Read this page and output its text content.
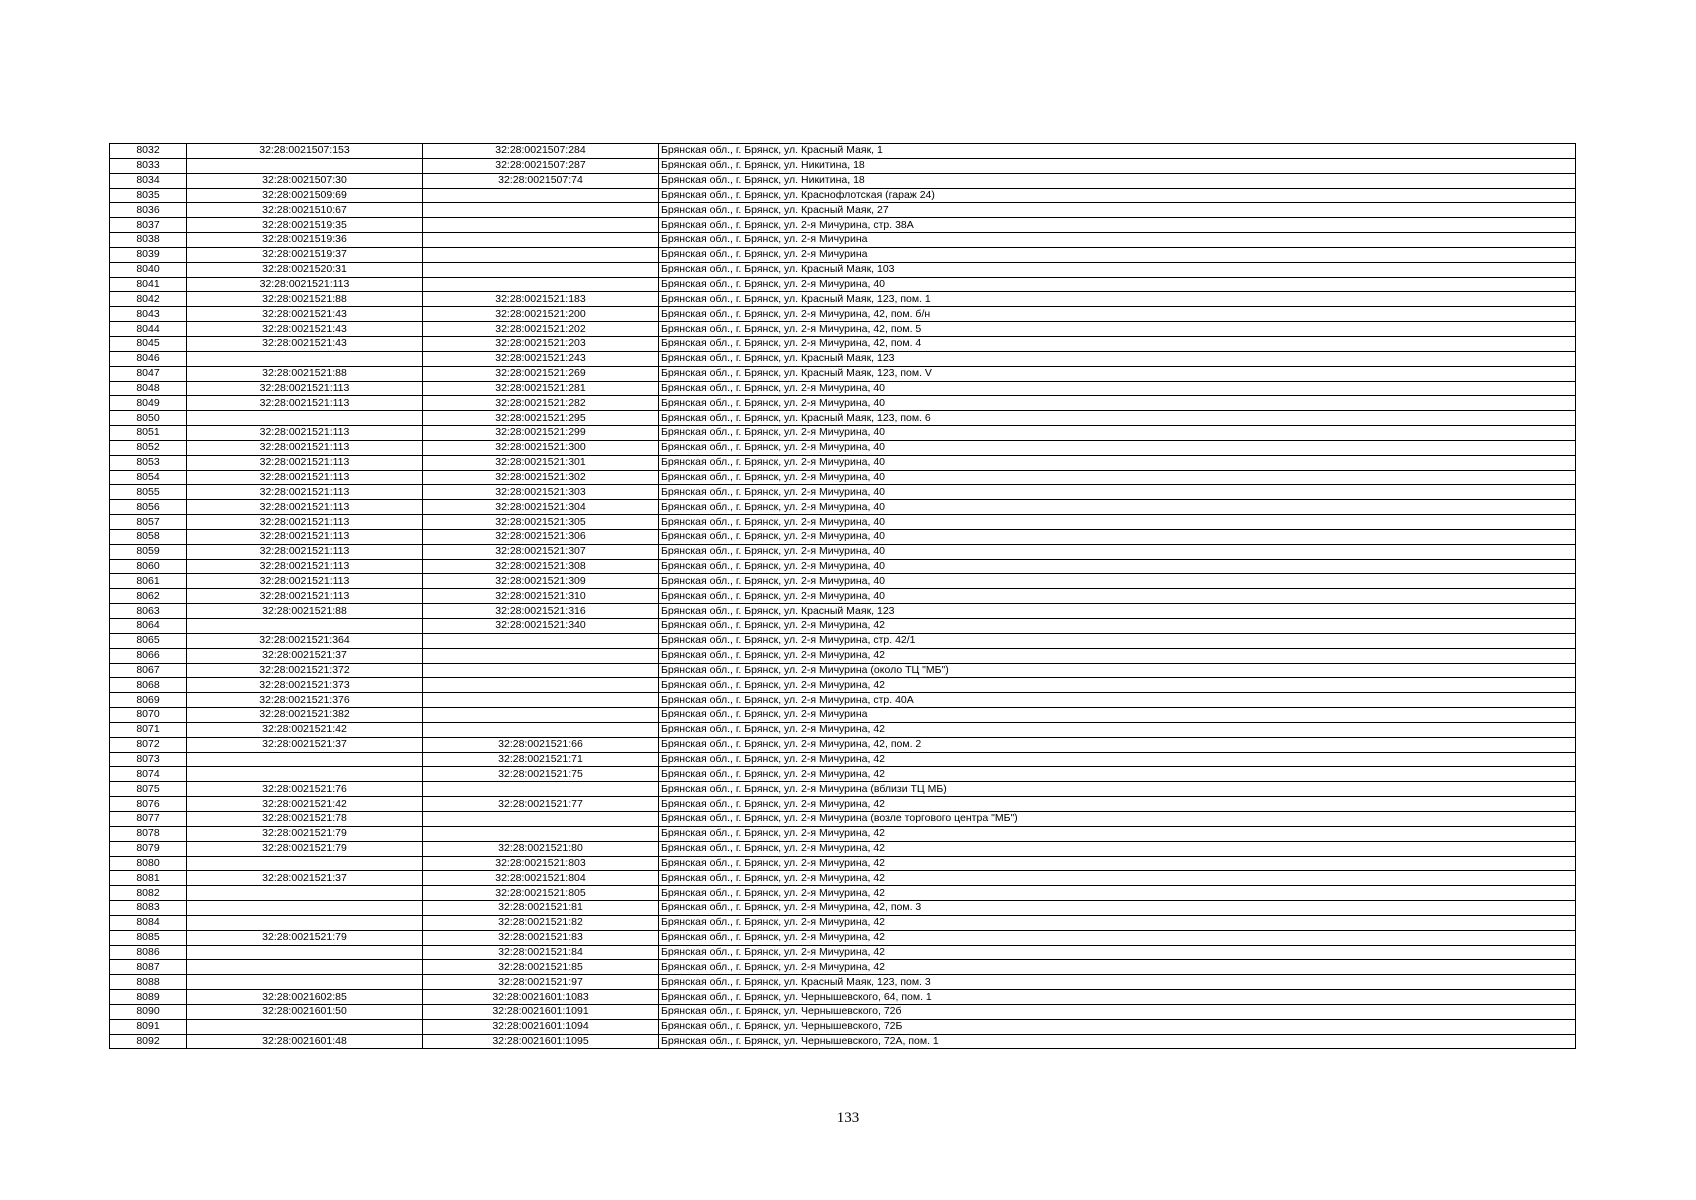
8032	32:28:0021507:153	32:28:0021507:284	Брянская обл., г. Брянск, ул. Красный Маяк, 1
8033		32:28:0021507:287	Брянская обл., г. Брянск, ул. Никитина, 18
8034	32:28:0021507:30	32:28:0021507:74	Брянская обл., г. Брянск, ул. Никитина, 18
8035	32:28:0021509:69		Брянская обл., г. Брянск, ул. Краснофлотская (гараж 24)
8036	32:28:0021510:67		Брянская обл., г. Брянск, ул. Красный Маяк, 27
8037	32:28:0021519:35		Брянская обл., г. Брянск, ул. 2-я Мичурина, стр. 38А
8038	32:28:0021519:36		Брянская обл., г. Брянск, ул. 2-я Мичурина
8039	32:28:0021519:37		Брянская обл., г. Брянск, ул. 2-я Мичурина
8040	32:28:0021520:31		Брянская обл., г. Брянск, ул. Красный Маяк, 103
8041	32:28:0021521:113		Брянская обл., г. Брянск, ул. 2-я Мичурина, 40
8042	32:28:0021521:88	32:28:0021521:183	Брянская обл., г. Брянск, ул. Красный Маяк, 123, пом. 1
8043	32:28:0021521:43	32:28:0021521:200	Брянская обл., г. Брянск, ул. 2-я Мичурина, 42, пом. б/н
8044	32:28:0021521:43	32:28:0021521:202	Брянская обл., г. Брянск, ул. 2-я Мичурина, 42, пом. 5
8045	32:28:0021521:43	32:28:0021521:203	Брянская обл., г. Брянск, ул. 2-я Мичурина, 42, пом. 4
8046		32:28:0021521:243	Брянская обл., г. Брянск, ул. Красный Маяк, 123
8047	32:28:0021521:88	32:28:0021521:269	Брянская обл., г. Брянск, ул. Красный Маяк, 123, пом. V
8048	32:28:0021521:113	32:28:0021521:281	Брянская обл., г. Брянск, ул. 2-я Мичурина, 40
8049	32:28:0021521:113	32:28:0021521:282	Брянская обл., г. Брянск, ул. 2-я Мичурина, 40
8050		32:28:0021521:295	Брянская обл., г. Брянск, ул. Красный Маяк, 123, пом. 6
8051	32:28:0021521:113	32:28:0021521:299	Брянская обл., г. Брянск, ул. 2-я Мичурина, 40
8052	32:28:0021521:113	32:28:0021521:300	Брянская обл., г. Брянск, ул. 2-я Мичурина, 40
8053	32:28:0021521:113	32:28:0021521:301	Брянская обл., г. Брянск, ул. 2-я Мичурина, 40
8054	32:28:0021521:113	32:28:0021521:302	Брянская обл., г. Брянск, ул. 2-я Мичурина, 40
8055	32:28:0021521:113	32:28:0021521:303	Брянская обл., г. Брянск, ул. 2-я Мичурина, 40
8056	32:28:0021521:113	32:28:0021521:304	Брянская обл., г. Брянск, ул. 2-я Мичурина, 40
8057	32:28:0021521:113	32:28:0021521:305	Брянская обл., г. Брянск, ул. 2-я Мичурина, 40
8058	32:28:0021521:113	32:28:0021521:306	Брянская обл., г. Брянск, ул. 2-я Мичурина, 40
8059	32:28:0021521:113	32:28:0021521:307	Брянская обл., г. Брянск, ул. 2-я Мичурина, 40
8060	32:28:0021521:113	32:28:0021521:308	Брянская обл., г. Брянск, ул. 2-я Мичурина, 40
8061	32:28:0021521:113	32:28:0021521:309	Брянская обл., г. Брянск, ул. 2-я Мичурина, 40
8062	32:28:0021521:113	32:28:0021521:310	Брянская обл., г. Брянск, ул. 2-я Мичурина, 40
8063	32:28:0021521:88	32:28:0021521:316	Брянская обл., г. Брянск, ул. Красный Маяк, 123
8064		32:28:0021521:340	Брянская обл., г. Брянск, ул. 2-я Мичурина, 42
8065	32:28:0021521:364		Брянская обл., г. Брянск, ул. 2-я Мичурина, стр. 42/1
8066	32:28:0021521:37		Брянская обл., г. Брянск, ул. 2-я Мичурина, 42
8067	32:28:0021521:372		Брянская обл., г. Брянск, ул. 2-я Мичурина (около ТЦ "МБ")
8068	32:28:0021521:373		Брянская обл., г. Брянск, ул. 2-я Мичурина, 42
8069	32:28:0021521:376		Брянская обл., г. Брянск, ул. 2-я Мичурина, стр. 40А
8070	32:28:0021521:382		Брянская обл., г. Брянск, ул. 2-я Мичурина
8071	32:28:0021521:42		Брянская обл., г. Брянск, ул. 2-я Мичурина, 42
8072	32:28:0021521:37	32:28:0021521:66	Брянская обл., г. Брянск, ул. 2-я Мичурина, 42, пом. 2
8073		32:28:0021521:71	Брянская обл., г. Брянск, ул. 2-я Мичурина, 42
8074		32:28:0021521:75	Брянская обл., г. Брянск, ул. 2-я Мичурина, 42
8075	32:28:0021521:76		Брянская обл., г. Брянск, ул. 2-я Мичурина (вблизи ТЦ МБ)
8076	32:28:0021521:42	32:28:0021521:77	Брянская обл., г. Брянск, ул. 2-я Мичурина, 42
8077	32:28:0021521:78		Брянская обл., г. Брянск, ул. 2-я Мичурина (возле торгового центра "МБ")
8078	32:28:0021521:79		Брянская обл., г. Брянск, ул. 2-я Мичурина, 42
8079	32:28:0021521:79	32:28:0021521:80	Брянская обл., г. Брянск, ул. 2-я Мичурина, 42
8080		32:28:0021521:803	Брянская обл., г. Брянск, ул. 2-я Мичурина, 42
8081	32:28:0021521:37	32:28:0021521:804	Брянская обл., г. Брянск, ул. 2-я Мичурина, 42
8082		32:28:0021521:805	Брянская обл., г. Брянск, ул. 2-я Мичурина, 42
8083		32:28:0021521:81	Брянская обл., г. Брянск, ул. 2-я Мичурина, 42, пом. 3
8084		32:28:0021521:82	Брянская обл., г. Брянск, ул. 2-я Мичурина, 42
8085	32:28:0021521:79	32:28:0021521:83	Брянская обл., г. Брянск, ул. 2-я Мичурина, 42
8086		32:28:0021521:84	Брянская обл., г. Брянск, ул. 2-я Мичурина, 42
8087		32:28:0021521:85	Брянская обл., г. Брянск, ул. 2-я Мичурина, 42
8088		32:28:0021521:97	Брянская обл., г. Брянск, ул. Красный Маяк, 123, пом. 3
8089	32:28:0021602:85	32:28:0021601:1083	Брянская обл., г. Брянск, ул. Чернышевского, 64, пом. 1
8090	32:28:0021601:50	32:28:0021601:1091	Брянская обл., г. Брянск, ул. Чернышевского, 72б
8091		32:28:0021601:1094	Брянская обл., г. Брянск, ул. Чернышевского, 72Б
8092	32:28:0021601:48	32:28:0021601:1095	Брянская обл., г. Брянск, ул. Чернышевского, 72А, пом. 1
133
